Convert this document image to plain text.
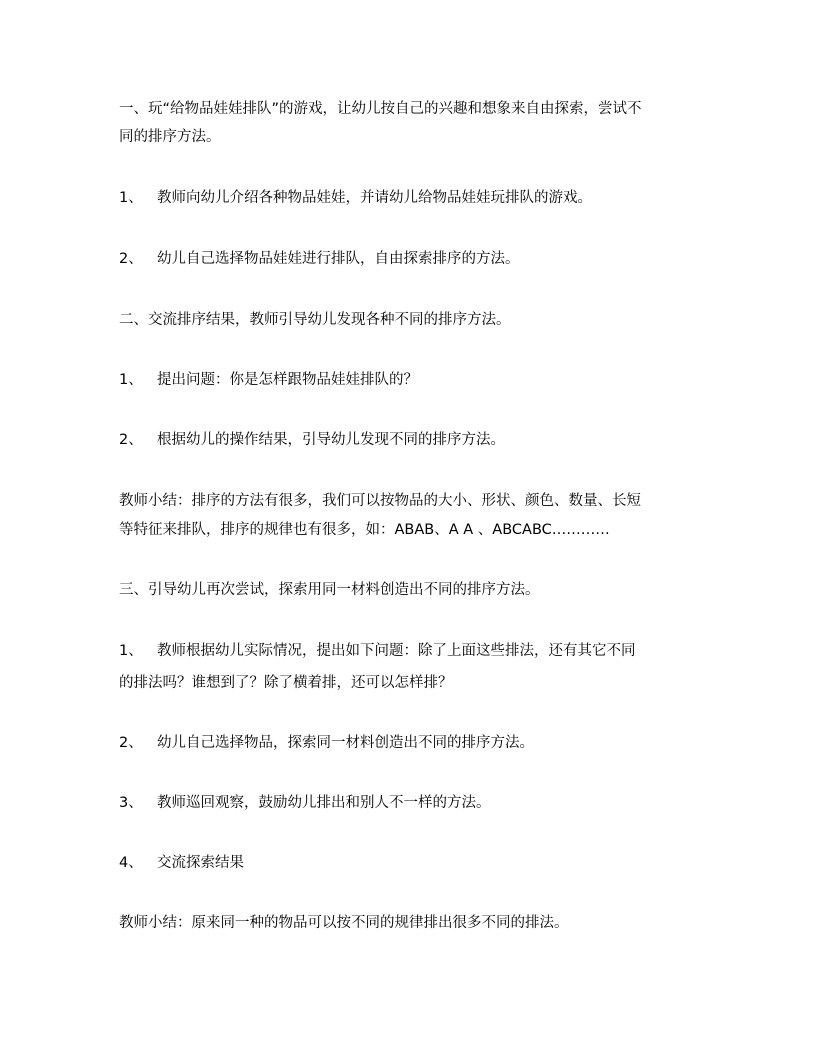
一、玩“给物品娃娃排队”的游戏，让幼儿按自己的兴趣和想象来自由探索，尝试不
同的排序方法。
1、 教师向幼儿介绍各种物品娃娃，并请幼儿给物品娃娃玩排队的游戏。
2、 幼儿自己选择物品娃娃进行排队，自由探索排序的方法。
二、交流排序结果，教师引导幼儿发现各种不同的排序方法。
1、 提出问题：你是怎样跟物品娃娃排队的？
2、 根据幼儿的操作结果，引导幼儿发现不同的排序方法。
教师小结：排序的方法有很多，我们可以按物品的大小、形状、颜色、数量、长短
等特征来排队，排序的规律也有很多，如：ABAB、A A 、ABCABC…………
三、引导幼儿再次尝试，探索用同一材料创造出不同的排序方法。
1、 教师根据幼儿实际情况，提出如下问题：除了上面这些排法，还有其它不同
的排法吗？谁想到了？除了横着排，还可以怎样排？
2、 幼儿自己选择物品，探索同一材料创造出不同的排序方法。
3、 教师巡回观察，鼓励幼儿排出和别人不一样的方法。
4、 交流探索结果
教师小结：原来同一种的物品可以按不同的规律排出很多不同的排法。
